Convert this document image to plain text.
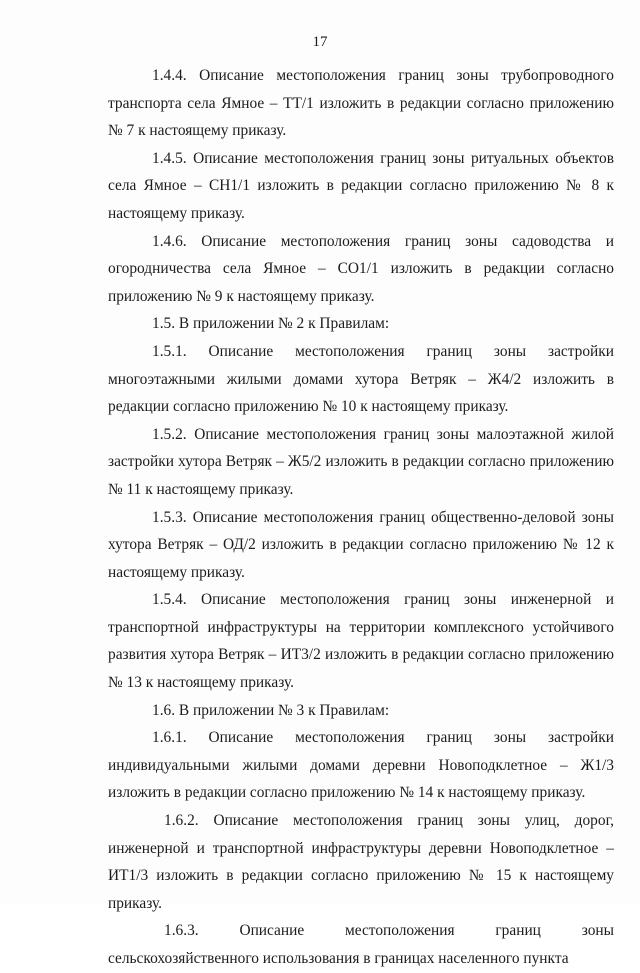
17

1.4.4. Описание местоположения границ зоны трубопроводного транспорта села Ямное – ТТ/1 изложить в редакции согласно приложению № 7 к настоящему приказу.

1.4.5. Описание местоположения границ зоны ритуальных объектов села Ямное – СН1/1 изложить в редакции согласно приложению № 8 к настоящему приказу.

1.4.6. Описание местоположения границ зоны садоводства и огородничества села Ямное – СО1/1 изложить в редакции согласно приложению № 9 к настоящему приказу.

1.5. В приложении № 2 к Правилам:

1.5.1. Описание местоположения границ зоны застройки многоэтажными жилыми домами хутора Ветряк – Ж4/2 изложить в редакции согласно приложению № 10 к настоящему приказу.

1.5.2. Описание местоположения границ зоны малоэтажной жилой застройки хутора Ветряк – Ж5/2 изложить в редакции согласно приложению № 11 к настоящему приказу.

1.5.3. Описание местоположения границ общественно-деловой зоны хутора Ветряк – ОД/2 изложить в редакции согласно приложению № 12 к настоящему приказу.

1.5.4. Описание местоположения границ зоны инженерной и транспортной инфраструктуры на территории комплексного устойчивого развития хутора Ветряк – ИТ3/2 изложить в редакции согласно приложению № 13 к настоящему приказу.

1.6. В приложении № 3 к Правилам:

1.6.1. Описание местоположения границ зоны застройки индивидуальными жилыми домами деревни Новоподклетное – Ж1/3 изложить в редакции согласно приложению № 14 к настоящему приказу.

1.6.2. Описание местоположения границ зоны улиц, дорог, инженерной и транспортной инфраструктуры деревни Новоподклетное – ИТ1/3 изложить в редакции согласно приложению № 15 к настоящему приказу.

1.6.3. Описание местоположения границ зоны сельскохозяйственного использования в границах населенного пункта
